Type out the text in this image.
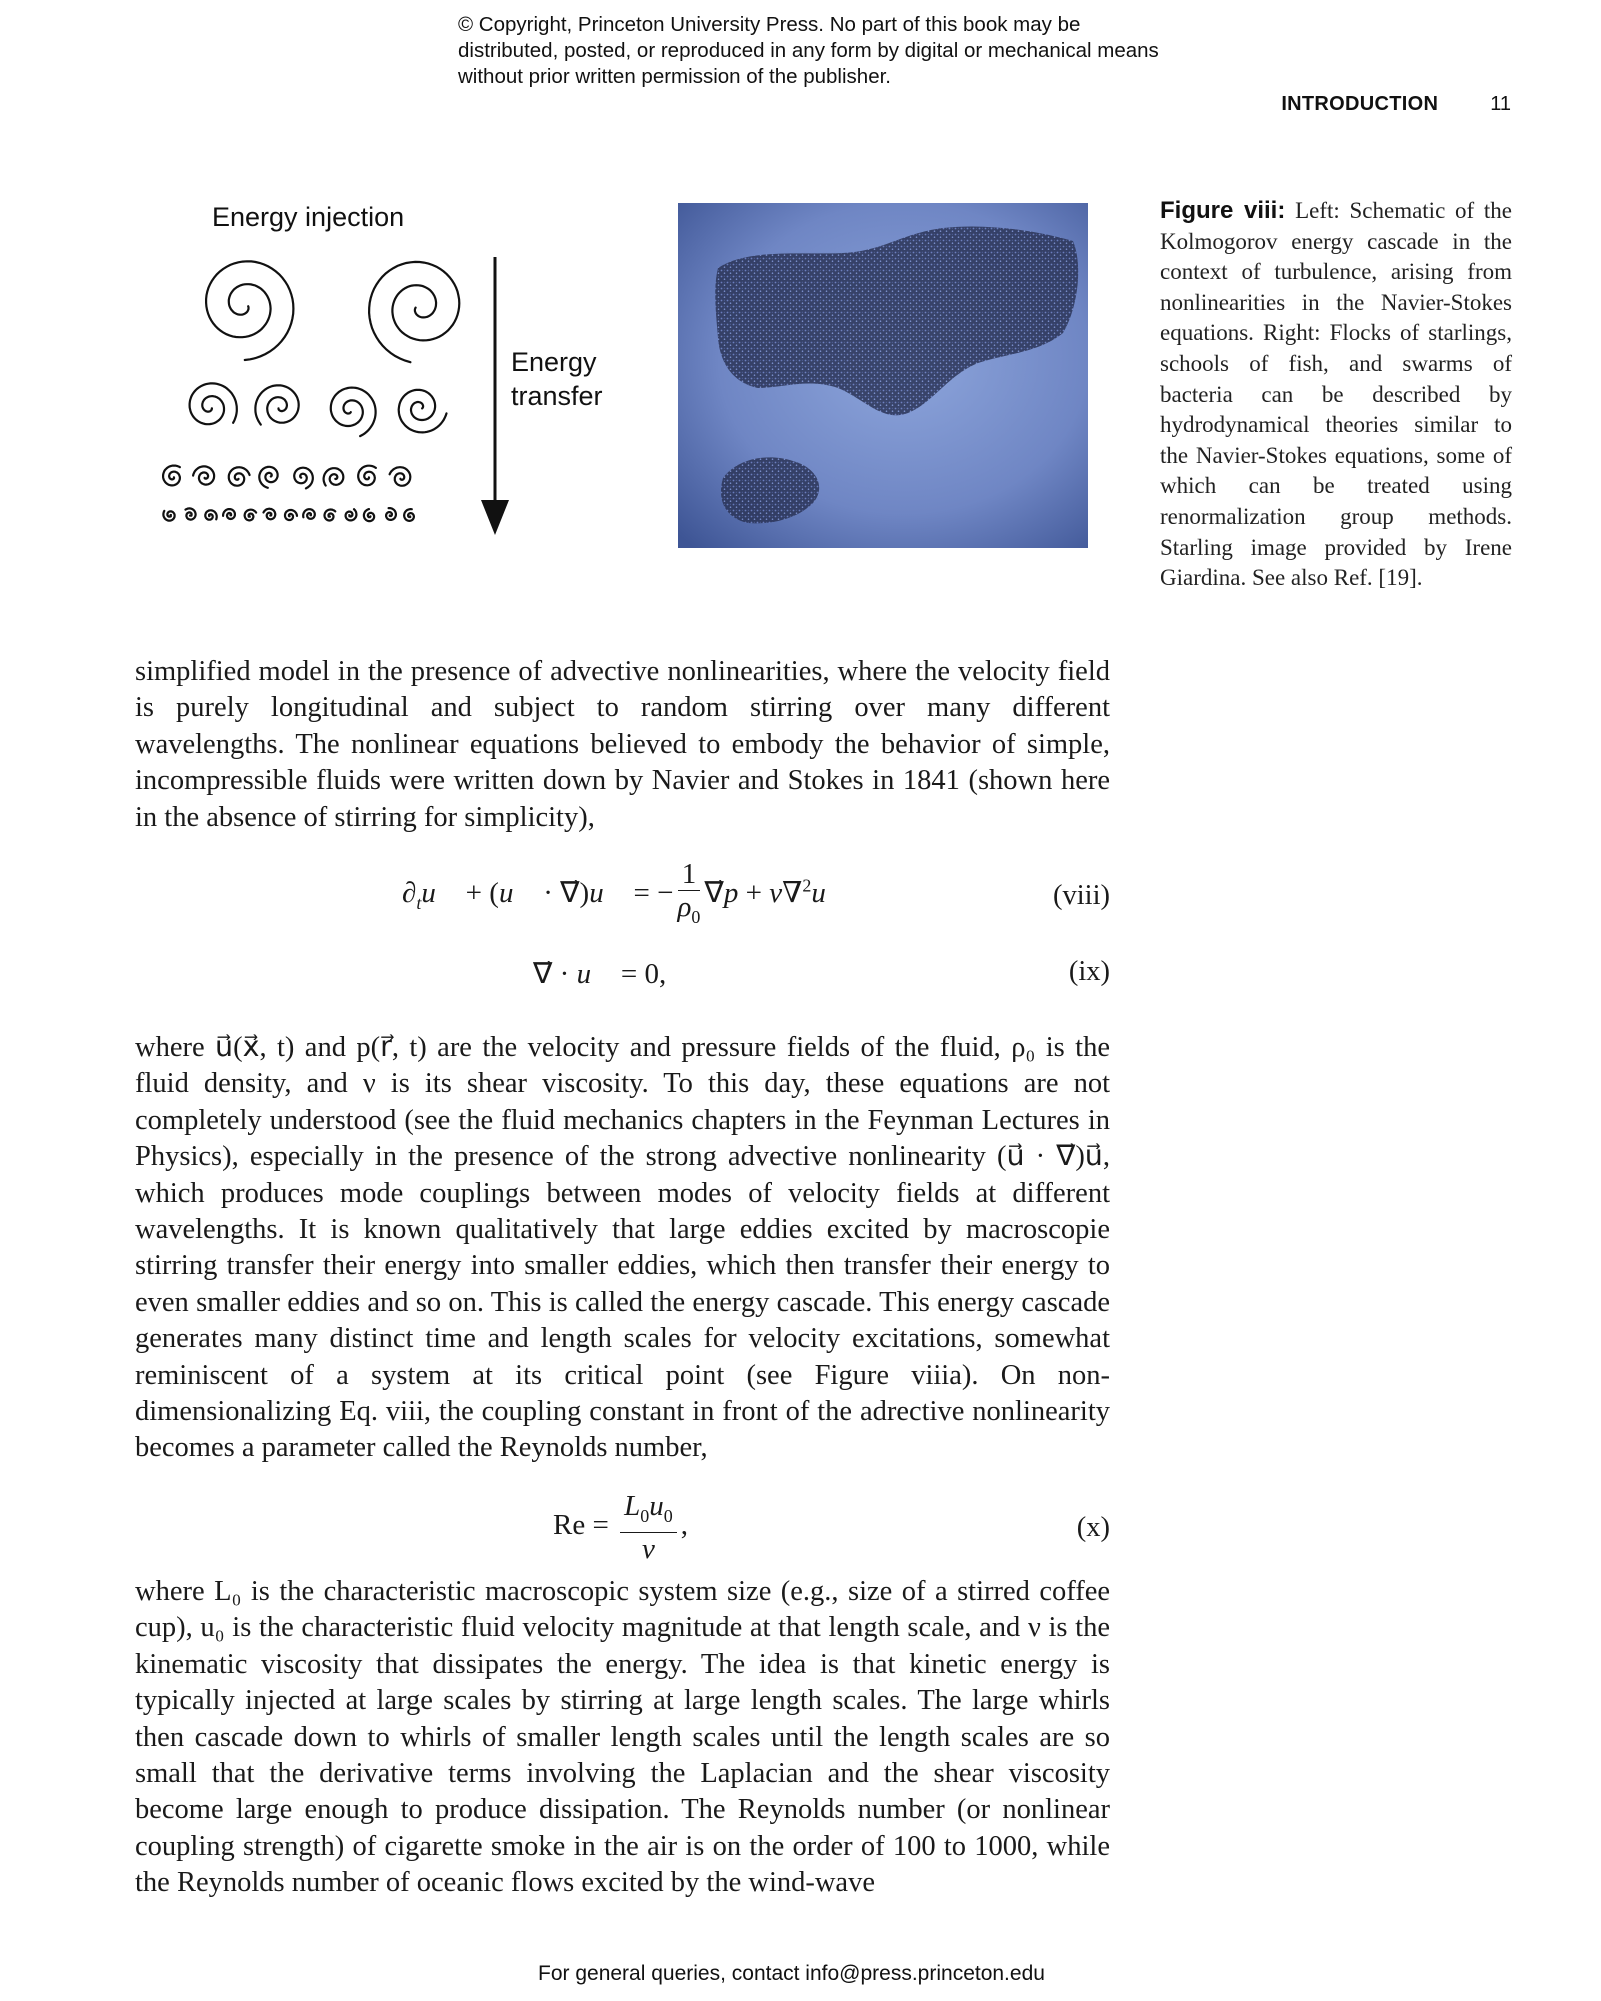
© Copyright, Princeton University Press. No part of this book may be distributed, posted, or reproduced in any form by digital or mechanical means without prior written permission of the publisher.
INTRODUCTION	11
Energy injection
Energy transfer
Figure viii: Left: Schematic of the Kolmogorov energy cascade in the context of turbulence, arising from nonlinearities in the Navier-Stokes equations. Right: Flocks of starlings, schools of fish, and swarms of bacteria can be described by hydrodynamical theories similar to the Navier-Stokes equations, some of which can be treated using renormalization group methods. Starling image provided by Irene Giardina. See also Ref. [19].
simplified model in the presence of advective nonlinearities, where the velocity field is purely longitudinal and subject to random stirring over many different wavelengths. The nonlinear equations believed to embody the behavior of simple, incompressible fluids were written down by Navier and Stokes in 1841 (shown here in the absence of stirring for simplicity),
$\partial_tu⃗$ + (u⃗ · ∇⃗)u⃗ = − $\frac{1}{\rho_0}$ ∇⃗p + ν∇$^2$u⃗	(viii)
∇⃗ · u⃗ = 0,	(ix)
where u⃗(x⃗, t) and p(r⃗, t) are the velocity and pressure fields of the fluid, ρ₀ is the fluid density, and ν is its shear viscosity. To this day, these equations are not completely understood (see the fluid mechanics chapters in the Feynman Lectures in Physics), especially in the presence of the strong advective nonlinearity (u⃗ · ∇⃗)u⃗, which produces mode couplings between modes of velocity fields at different wavelengths. It is known qualitatively that large eddies excited by macroscopie stirring transfer their energy into smaller eddies, which then transfer their energy to even smaller eddies and so on. This is called the energy cascade. This energy cascade generates many distinct time and length scales for velocity excitations, somewhat reminiscent of a system at its critical point (see Figure viiia). On non-dimensionalizing Eq. viii, the coupling constant in front of the adrective nonlinearity becomes a parameter called the Reynolds number,
$Re = \frac{L_0u_0}{\nu}$ ,	(x)
where L₀ is the characteristic macroscopic system size (e.g., size of a stirred coffee cup), u₀ is the characteristic fluid velocity magnitude at that length scale, and ν is the kinematic viscosity that dissipates the energy. The idea is that kinetic energy is typically injected at large scales by stirring at large length scales. The large whirls then cascade down to whirls of smaller length scales until the length scales are so small that the derivative terms involving the Laplacian and the shear viscosity become large enough to produce dissipation. The Reynolds number (or nonlinear coupling strength) of cigarette smoke in the air is on the order of 100 to 1000, while the Reynolds number of oceanic flows excited by the wind-wave
For general queries, contact info@press.princeton.edu
